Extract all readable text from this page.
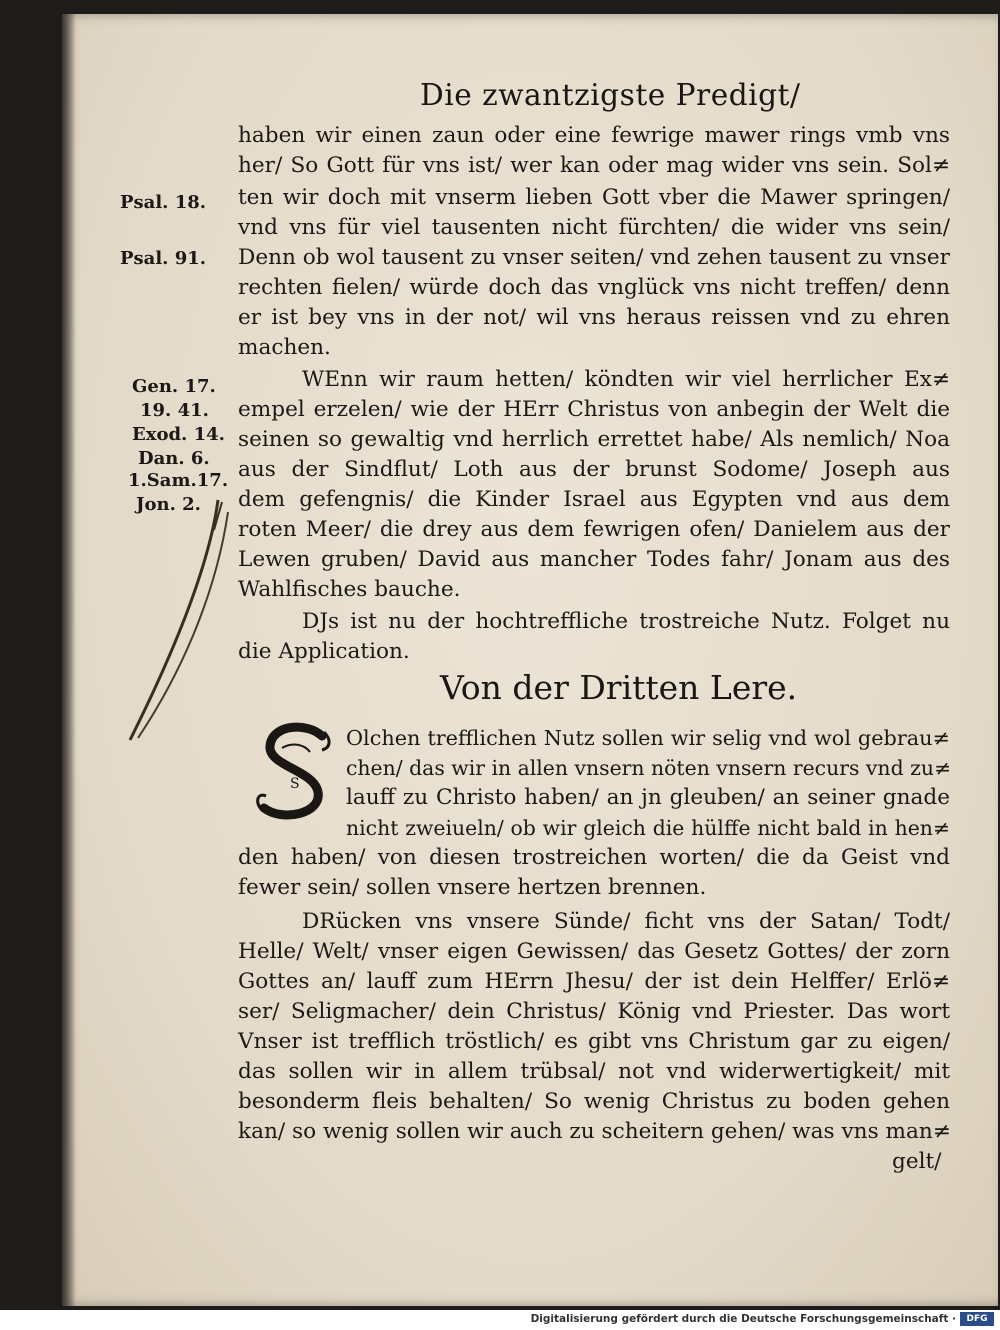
Die zwantzigste Predigt/
Psal. 18.
Psal. 91.
Gen. 17.
19. 41.
Exod. 14.
Dan. 6.
1.Sam.17.
Jon. 2.
haben wir einen zaun oder eine fewrige mawer rings vmb vns
her/ So Gott für vns ist/ wer kan oder mag wider vns sein. Sol≠
ten wir doch mit vnserm lieben Gott vber die Mawer springen/
vnd vns für viel tausenten nicht fürchten/ die wider vns sein/
Denn ob wol tausent zu vnser seiten/ vnd zehen tausent zu vnser
rechten fielen/ würde doch das vnglück vns nicht treffen/ denn
er ist bey vns in der not/ wil vns heraus reissen vnd zu ehren
machen.
WEnn wir raum hetten/ köndten wir viel herrlicher Ex≠
empel erzelen/ wie der HErr Christus von anbegin der Welt die
seinen so gewaltig vnd herrlich errettet habe/ Als nemlich/ Noa
aus der Sindflut/ Loth aus der brunst Sodome/ Joseph aus
dem gefengnis/ die Kinder Israel aus Egypten vnd aus dem
roten Meer/ die drey aus dem fewrigen ofen/ Danielem aus der
Lewen gruben/ David aus mancher Todes fahr/ Jonam aus des
Wahlfisches bauche.
DJs ist nu der hochtreffliche trostreiche Nutz. Folget nu
die Application.
Von der Dritten Lere.
S
Olchen trefflichen Nutz sollen wir selig vnd wol gebrau≠
chen/ das wir in allen vnsern nöten vnsern recurs vnd zu≠
lauff zu Christo haben/ an jn gleuben/ an seiner gnade
nicht zweiueln/ ob wir gleich die hülffe nicht bald in hen≠
den haben/ von diesen trostreichen worten/ die da Geist vnd
fewer sein/ sollen vnsere hertzen brennen.
DRücken vns vnsere Sünde/ ficht vns der Satan/ Todt/
Helle/ Welt/ vnser eigen Gewissen/ das Gesetz Gottes/ der zorn
Gottes an/ lauff zum HErrn Jhesu/ der ist dein Helffer/ Erlö≠
ser/ Seligmacher/ dein Christus/ König vnd Priester. Das wort
Vnser ist trefflich tröstlich/ es gibt vns Christum gar zu eigen/
das sollen wir in allem trübsal/ not vnd widerwertigkeit/ mit
besonderm fleis behalten/ So wenig Christus zu boden gehen
kan/ so wenig sollen wir auch zu scheitern gehen/ was vns man≠
gelt/
Digitalisierung gefördert durch die Deutsche Forschungsgemeinschaft ·	DFG
